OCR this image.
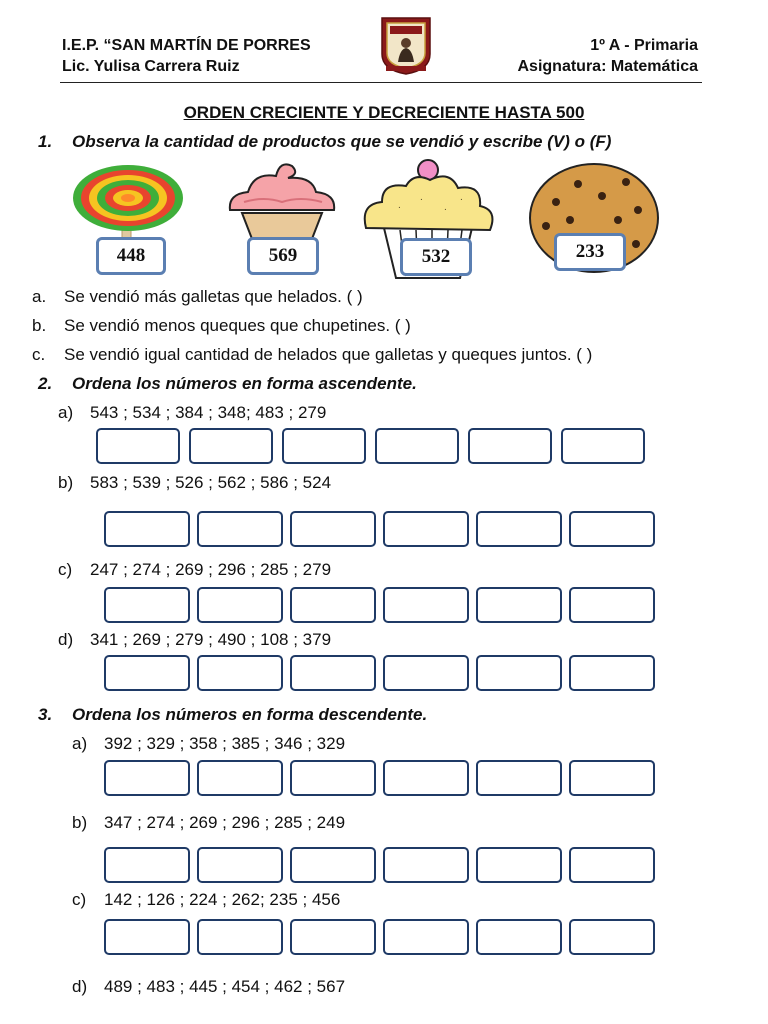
I.E.P. “SAN MARTÍN DE PORRES
Lic. Yulisa Carrera Ruiz
1º A - Primaria
Asignatura: Matemática
ORDEN CRECIENTE Y DECRECIENTE HASTA 500
1. Observa la cantidad de productos que se vendió y escribe (V) o (F)
448	569
.
.
.
.
532	233
a. Se vendió más galletas que helados. ( )
b. Se vendió menos queques que chupetines. ( )
c. Se vendió igual cantidad de helados que galletas y queques juntos. ( )
2. Ordena los números en forma ascendente.
a) 543 ; 534 ; 384 ; 348; 483 ; 279
b) 583 ; 539 ; 526 ; 562 ; 586 ; 524
c) 247 ; 274 ; 269 ; 296 ; 285 ; 279
d) 341 ; 269 ; 279 ; 490 ; 108 ; 379
3. Ordena los números en forma descendente.
a) 392 ; 329 ; 358 ; 385 ; 346 ; 329
b) 347 ; 274 ; 269 ; 296 ; 285 ; 249
c) 142 ; 126 ; 224 ; 262; 235 ; 456
d) 489 ; 483 ; 445 ; 454 ; 462 ; 567
